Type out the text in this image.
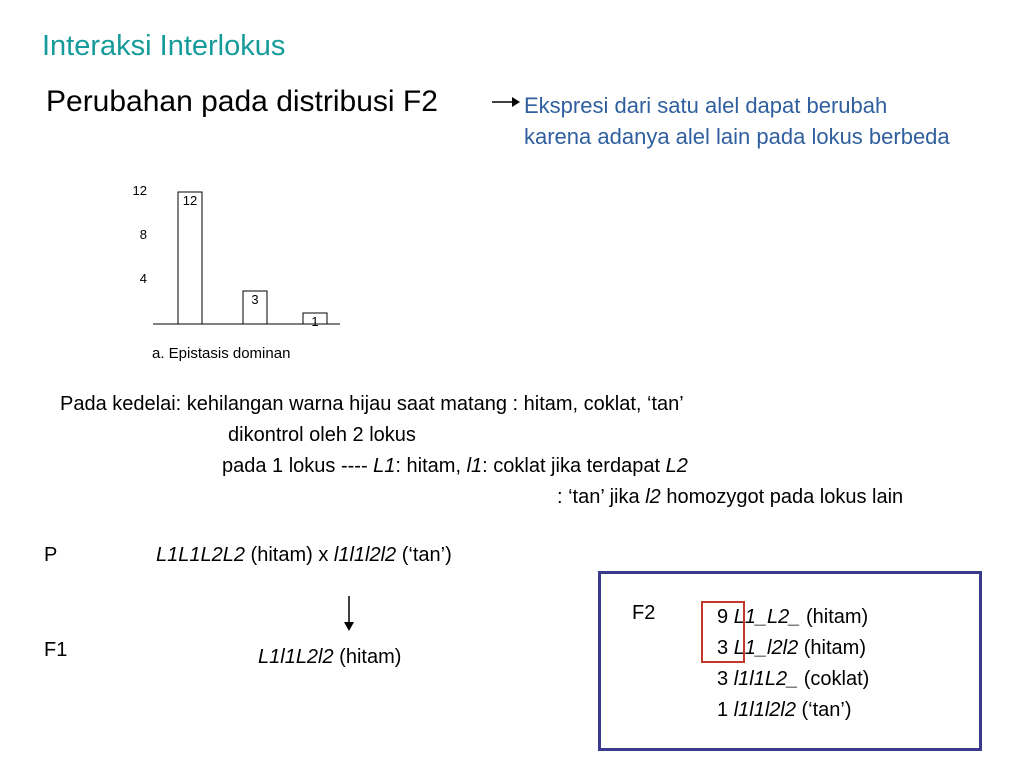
Interaksi Interlokus
Perubahan pada distribusi F2	Ekspresi dari satu alel dapat berubah
karena adanya alel lain pada lokus berbeda
4
8
12
12
3
1
a. Epistasis dominan
Pada kedelai: kehilangan warna hijau saat matang : hitam, coklat, ‘tan’
dikontrol oleh 2 lokus
pada 1 lokus ---- L1: hitam, l1: coklat jika terdapat L2
: ‘tan’ jika l2 homozygot pada lokus lain
P	L1L1L2L2 (hitam) x l1l1l2l2 (‘tan’)
F1	L1l1L2l2 (hitam)
F2	9 L1_L2_ (hitam)
3 L1_l2l2 (hitam)
3 l1l1L2_ (coklat)
1 l1l1l2l2 (‘tan’)
